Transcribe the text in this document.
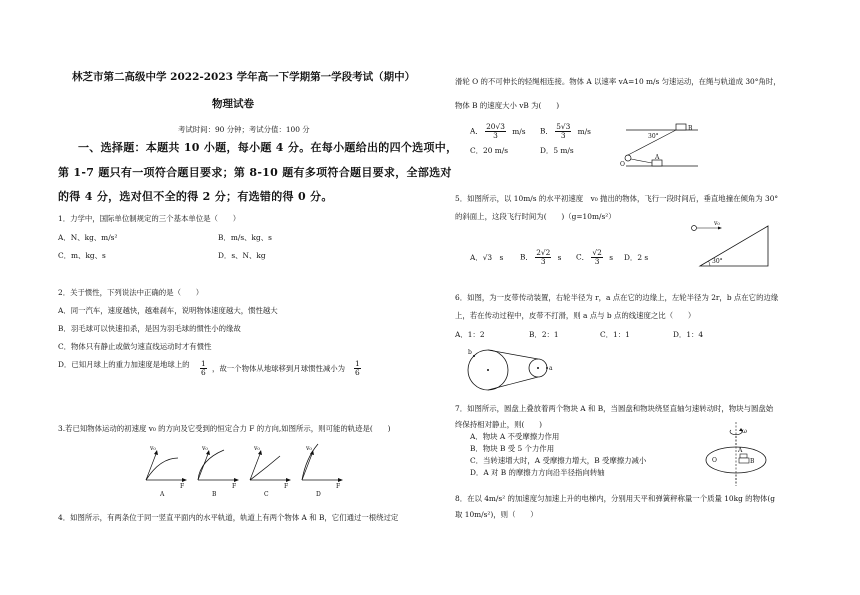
林芝市第二高级中学 2022-2023 学年高一下学期第一学段考试（期中）
物理试卷
考试时间：90 分钟；考试分值：100 分
一、选择题：本题共 10 小题，每小题 4 分。在每小题给出的四个选项中，
第 1-7 题只有一项符合题目要求；第 8-10 题有多项符合题目要求，全部选对
的得 4 分，选对但不全的得 2 分；有选错的得 0 分。
1．力学中，国际单位制规定的三个基本单位是（　　）
A．N、kg、m/s²	B．m/s、kg、s
C．m、kg、s	D．s、N、kg
2．关于惯性，下列说法中正确的是（　　）
A．同一汽车，速度越快，越难刹车，说明物体速度越大，惯性越大
B．羽毛球可以快速扣杀，是因为羽毛球的惯性小的缘故
C．物体只有静止或做匀速直线运动时才有惯性
D．已知月球上的重力加速度是地球上的 $\frac{1}{6}$ ，故一个物体从地球移到月球惯性减小为 $\frac{1}{6}$
3.若已知物体运动的初速度 v₀ 的方向及它受到的恒定合力 F 的方向,如图所示，则可能的轨迹是(　　)
v₀
F
A
v₀
F
B
v₀
F
C
v₀
F
D
4．如图所示，有两条位于同一竖直平面内的水平轨道，轨道上有两个物体 A 和 B，它们通过一根绕过定
滑轮 O 的不可伸长的轻绳相连接。物体 A 以速率 vA=10 m/s 匀速运动，在绳与轨道成 30°角时，
物体 B 的速度大小 vB 为(　　)
A． $\frac{20√3}{3} m/s$ B． $\frac{5√3}{3} m/s$
C．20 m/s	D．5 m/s
B
A
O
30°
5．如图所示，以 10m/s 的水平初速度　v₀ 抛出的物体，飞行一段时间后，垂直地撞在倾角为 30°
的斜面上，这段飞行时间为(　　)（g=10m/s²）
A．√3　s B． $\frac{2√2}{3}$ s C． $\frac{√2}{3}$ s D．2 s	30°
v₀
6．如图，为一皮带传动装置，右轮半径为 r，a 点在它的边缘上，左轮半径为 2r，b 点在它的边缘
上，若在传动过程中，皮带不打滑，则 a 点与 b 点的线速度之比（　　）
A．1：2	B．2：1	C．1：1	D．1：4
b
a
7．如图所示，圆盘上叠放着两个物块 A 和 B，当圆盘和物块绕竖直轴匀速转动时，物块与圆盘始
终保持相对静止，则(　　)
A．物块 A 不受摩擦力作用
B．物块 B 受 5 个力作用
C．当转速增大时，A 受摩擦力增大，B 受摩擦力减小
D．A 对 B 的摩擦力方向沿半径指向转轴
ω
A
B
O
8．在以 4m/s² 的加速度匀加速上升的电梯内，分别用天平和弹簧秤称量一个质量 10kg 的物体(g
取 10m/s²)，则（　　）
